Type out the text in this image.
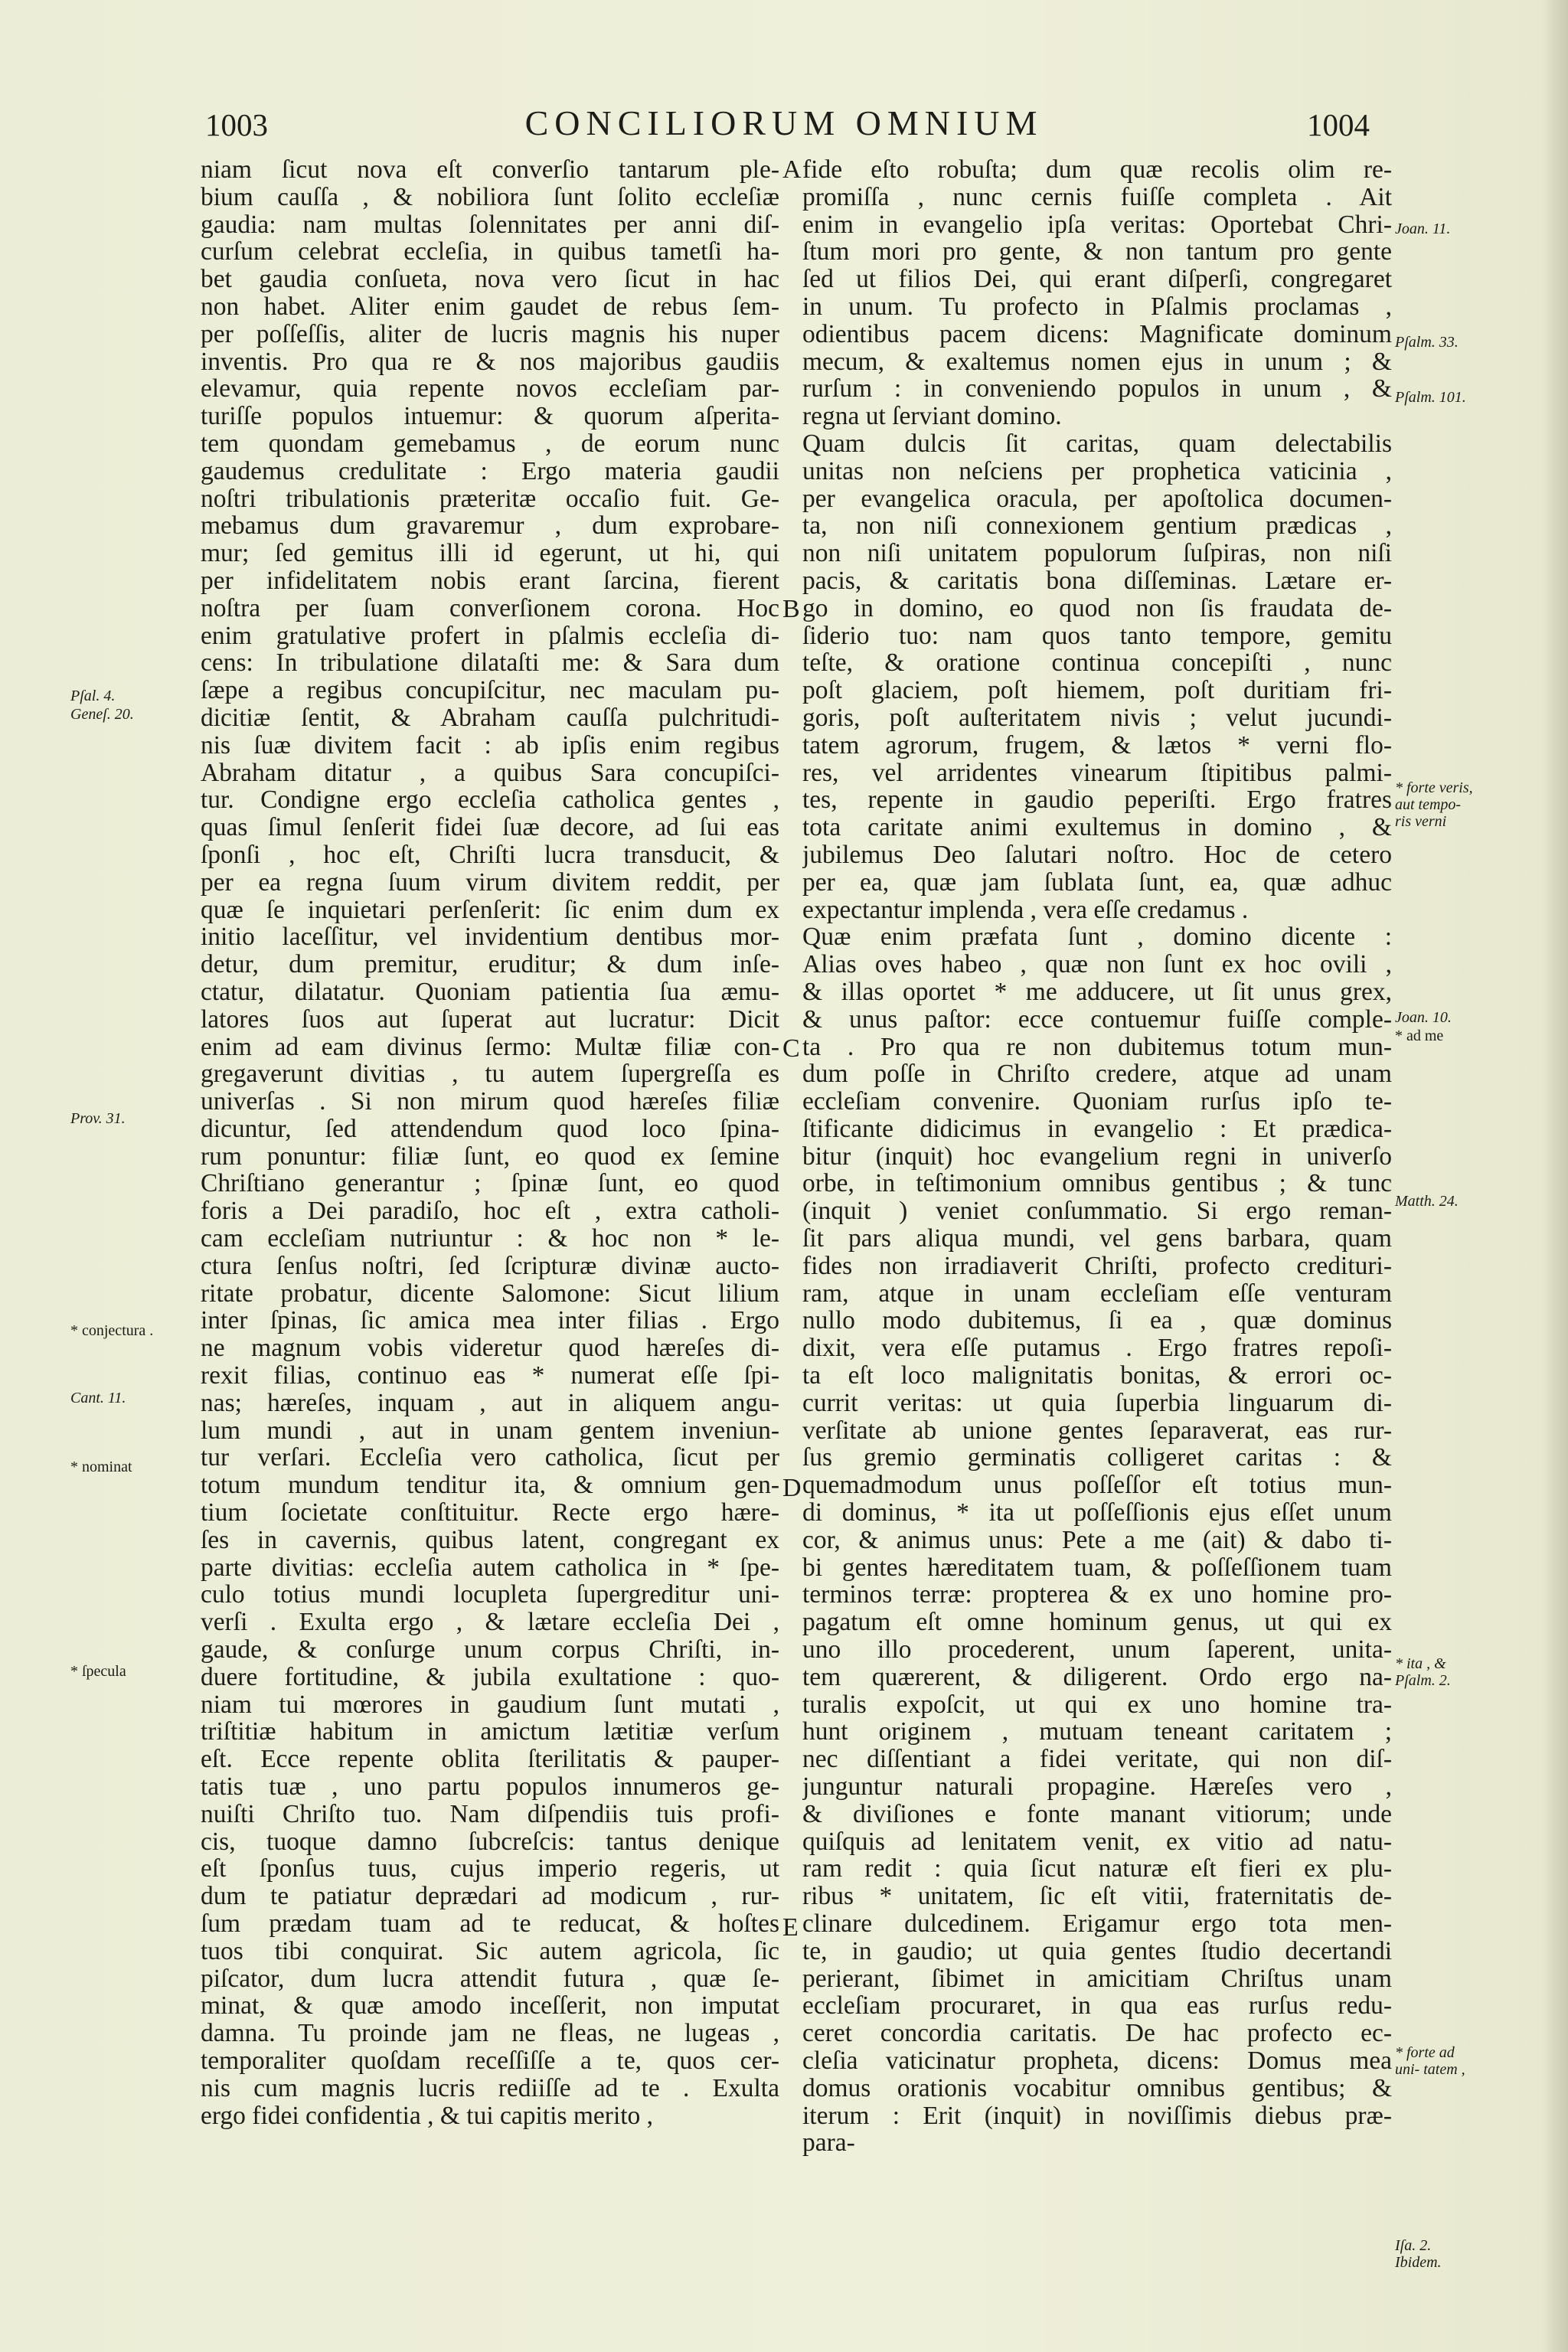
1003	CONCILIORUM OMNIUM	1004
niam ſicut nova eſt converſio tantarum ple-
bium cauſſa , & nobiliora ſunt ſolito eccleſiæ
gaudia: nam multas ſolennitates per anni diſ-
curſum celebrat eccleſia, in quibus tametſi ha-
bet gaudia conſueta, nova vero ſicut in hac
non habet. Aliter enim gaudet de rebus ſem-
per poſſeſſis, aliter de lucris magnis his nuper
inventis. Pro qua re & nos majoribus gaudiis
elevamur, quia repente novos eccleſiam par-
turiſſe populos intuemur: & quorum aſperita-
tem quondam gemebamus , de eorum nunc
gaudemus credulitate : Ergo materia gaudii
noſtri tribulationis præteritæ occaſio fuit. Ge-
mebamus dum gravaremur , dum exprobare-
mur; ſed gemitus illi id egerunt, ut hi, qui
per infidelitatem nobis erant ſarcina, fierent
noſtra per ſuam converſionem corona. Hoc
enim gratulative profert in pſalmis eccleſia di-
cens: In tribulatione dilataſti me: & Sara dum
ſæpe a regibus concupiſcitur, nec maculam pu-
dicitiæ ſentit, & Abraham cauſſa pulchritudi-
nis ſuæ divitem facit : ab ipſis enim regibus
Abraham ditatur , a quibus Sara concupiſci-
tur. Condigne ergo eccleſia catholica gentes ,
quas ſimul ſenſerit fidei ſuæ decore, ad ſui eas
ſponſi , hoc eſt, Chriſti lucra transducit, &
per ea regna ſuum virum divitem reddit, per
quæ ſe inquietari perſenſerit: ſic enim dum ex
initio laceſſitur, vel invidentium dentibus mor-
detur, dum premitur, eruditur; & dum inſe-
ctatur, dilatatur. Quoniam patientia ſua æmu-
latores ſuos aut ſuperat aut lucratur: Dicit
enim ad eam divinus ſermo: Multæ filiæ con-
gregaverunt divitias , tu autem ſupergreſſa es
univerſas . Si non mirum quod hæreſes filiæ
dicuntur, ſed attendendum quod loco ſpina-
rum ponuntur: filiæ ſunt, eo quod ex ſemine
Chriſtiano generantur ; ſpinæ ſunt, eo quod
foris a Dei paradiſo, hoc eſt , extra catholi-
cam eccleſiam nutriuntur : & hoc non * le-
ctura ſenſus noſtri, ſed ſcripturæ divinæ aucto-
ritate probatur, dicente Salomone: Sicut lilium
inter ſpinas, ſic amica mea inter filias . Ergo
ne magnum vobis videretur quod hæreſes di-
rexit filias, continuo eas * numerat eſſe ſpi-
nas; hæreſes, inquam , aut in aliquem angu-
lum mundi , aut in unam gentem inveniun-
tur verſari. Eccleſia vero catholica, ſicut per
totum mundum tenditur ita, & omnium gen-
tium ſocietate conſtituitur. Recte ergo hære-
ſes in cavernis, quibus latent, congregant ex
parte divitias: eccleſia autem catholica in * ſpe-
culo totius mundi locupleta ſupergreditur uni-
verſi . Exulta ergo , & lætare eccleſia Dei ,
gaude, & conſurge unum corpus Chriſti, in-
duere fortitudine, & jubila exultatione : quo-
niam tui mœrores in gaudium ſunt mutati ,
triſtitiæ habitum in amictum lætitiæ verſum
eſt. Ecce repente oblita ſterilitatis & pauper-
tatis tuæ , uno partu populos innumeros ge-
nuiſti Chriſto tuo. Nam diſpendiis tuis profi-
cis, tuoque damno ſubcreſcis: tantus denique
eſt ſponſus tuus, cujus imperio regeris, ut
dum te patiatur deprædari ad modicum , rur-
ſum prædam tuam ad te reducat, & hoſtes
tuos tibi conquirat. Sic autem agricola, ſic
piſcator, dum lucra attendit futura , quæ ſe-
minat, & quæ amodo inceſſerit, non imputat
damna. Tu proinde jam ne fleas, ne lugeas ,
temporaliter quoſdam receſſiſſe a te, quos cer-
nis cum magnis lucris rediiſſe ad te . Exulta
ergo fidei confidentia , & tui capitis merito ,
fide eſto robuſta; dum quæ recolis olim re-
promiſſa , nunc cernis fuiſſe completa . Ait
enim in evangelio ipſa veritas: Oportebat Chri-
ſtum mori pro gente, & non tantum pro gente
ſed ut filios Dei, qui erant diſperſi, congregaret
in unum. Tu profecto in Pſalmis proclamas ,
odientibus pacem dicens: Magnificate dominum
mecum, & exaltemus nomen ejus in unum ; &
rurſum : in conveniendo populos in unum , &
regna ut ſerviant domino.
Quam dulcis ſit caritas, quam delectabilis
unitas non neſciens per prophetica vaticinia ,
per evangelica oracula, per apoſtolica documen-
ta, non niſi connexionem gentium prædicas ,
non niſi unitatem populorum ſuſpiras, non niſi
pacis, & caritatis bona diſſeminas. Lætare er-
go in domino, eo quod non ſis fraudata de-
ſiderio tuo: nam quos tanto tempore, gemitu
teſte, & oratione continua concepiſti , nunc
poſt glaciem, poſt hiemem, poſt duritiam fri-
goris, poſt auſteritatem nivis ; velut jucundi-
tatem agrorum, frugem, & lætos * verni flo-
res, vel arridentes vinearum ſtipitibus palmi-
tes, repente in gaudio peperiſti. Ergo fratres
tota caritate animi exultemus in domino , &
jubilemus Deo ſalutari noſtro. Hoc de cetero
per ea, quæ jam ſublata ſunt, ea, quæ adhuc
expectantur implenda , vera eſſe credamus .
Quæ enim præfata ſunt , domino dicente :
Alias oves habeo , quæ non ſunt ex hoc ovili ,
& illas oportet * me adducere, ut ſit unus grex,
& unus paſtor: ecce contuemur fuiſſe comple-
ta . Pro qua re non dubitemus totum mun-
dum poſſe in Chriſto credere, atque ad unam
eccleſiam convenire. Quoniam rurſus ipſo te-
ſtificante didicimus in evangelio : Et prædica-
bitur (inquit) hoc evangelium regni in univerſo
orbe, in teſtimonium omnibus gentibus ; & tunc
(inquit ) veniet conſummatio. Si ergo reman-
ſit pars aliqua mundi, vel gens barbara, quam
fides non irradiaverit Chriſti, profecto credituri-
ram, atque in unam eccleſiam eſſe venturam
nullo modo dubitemus, ſi ea , quæ dominus
dixit, vera eſſe putamus . Ergo fratres repoſi-
ta eſt loco malignitatis bonitas, & errori oc-
currit veritas: ut quia ſuperbia linguarum di-
verſitate ab unione gentes ſeparaverat, eas rur-
ſus gremio germinatis colligeret caritas : &
quemadmodum unus poſſeſſor eſt totius mun-
di dominus, * ita ut poſſeſſionis ejus eſſet unum
cor, & animus unus: Pete a me (ait) & dabo ti-
bi gentes hæreditatem tuam, & poſſeſſionem tuam
terminos terræ: propterea & ex uno homine pro-
pagatum eſt omne hominum genus, ut qui ex
uno illo procederent, unum ſaperent, unita-
tem quærerent, & diligerent. Ordo ergo na-
turalis expoſcit, ut qui ex uno homine tra-
hunt originem , mutuam teneant caritatem ;
nec diſſentiant a fidei veritate, qui non diſ-
junguntur naturali propagine. Hæreſes vero ,
& diviſiones e fonte manant vitiorum; unde
quiſquis ad lenitatem venit, ex vitio ad natu-
ram redit : quia ſicut naturæ eſt fieri ex plu-
ribus * unitatem, ſic eſt vitii, fraternitatis de-
clinare dulcedinem. Erigamur ergo tota men-
te, in gaudio; ut quia gentes ſtudio decertandi
perierant, ſibimet in amicitiam Chriſtus unam
eccleſiam procuraret, in qua eas rurſus redu-
ceret concordia caritatis. De hac profecto ec-
cleſia vaticinatur propheta, dicens: Domus mea
domus orationis vocabitur omnibus gentibus; &
iterum : Erit (inquit) in noviſſimis diebus præ-
para-
A
B
C
D
E
Pſal. 4.
Geneſ. 20.
Prov. 31.
* conjectura .
Cant. 11.
* nominat
* ſpecula
Joan. 11.
Pſalm. 33.
Pſalm. 101.
* forte veris, aut tempo- ris verni
Joan. 10.
Matth. 24.
* ad me
* ita , & Pſalm. 2.
* forte ad uni- tatem ,
Iſa. 2. Ibidem.
